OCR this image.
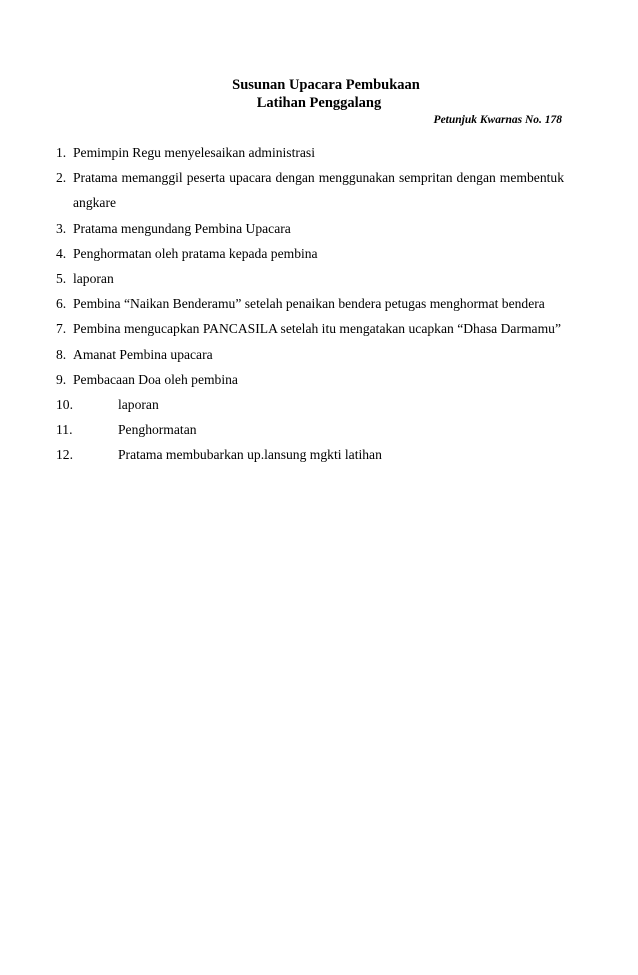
Susunan Upacara Pembukaan
Latihan Penggalang
Petunjuk Kwarnas No. 178
1. Pemimpin Regu menyelesaikan administrasi
2. Pratama memanggil peserta upacara dengan menggunakan sempritan dengan membentuk angkare
3. Pratama mengundang Pembina Upacara
4. Penghormatan oleh pratama kepada pembina
5. laporan
6. Pembina “Naikan Benderamu” setelah penaikan bendera petugas menghormat bendera
7. Pembina mengucapkan PANCASILA setelah itu mengatakan ucapkan “Dhasa Darmamu”
8. Amanat Pembina upacara
9. Pembacaan Doa oleh pembina
10.	laporan
11.	Penghormatan
12.	Pratama membubarkan up.lansung mgkti latihan
